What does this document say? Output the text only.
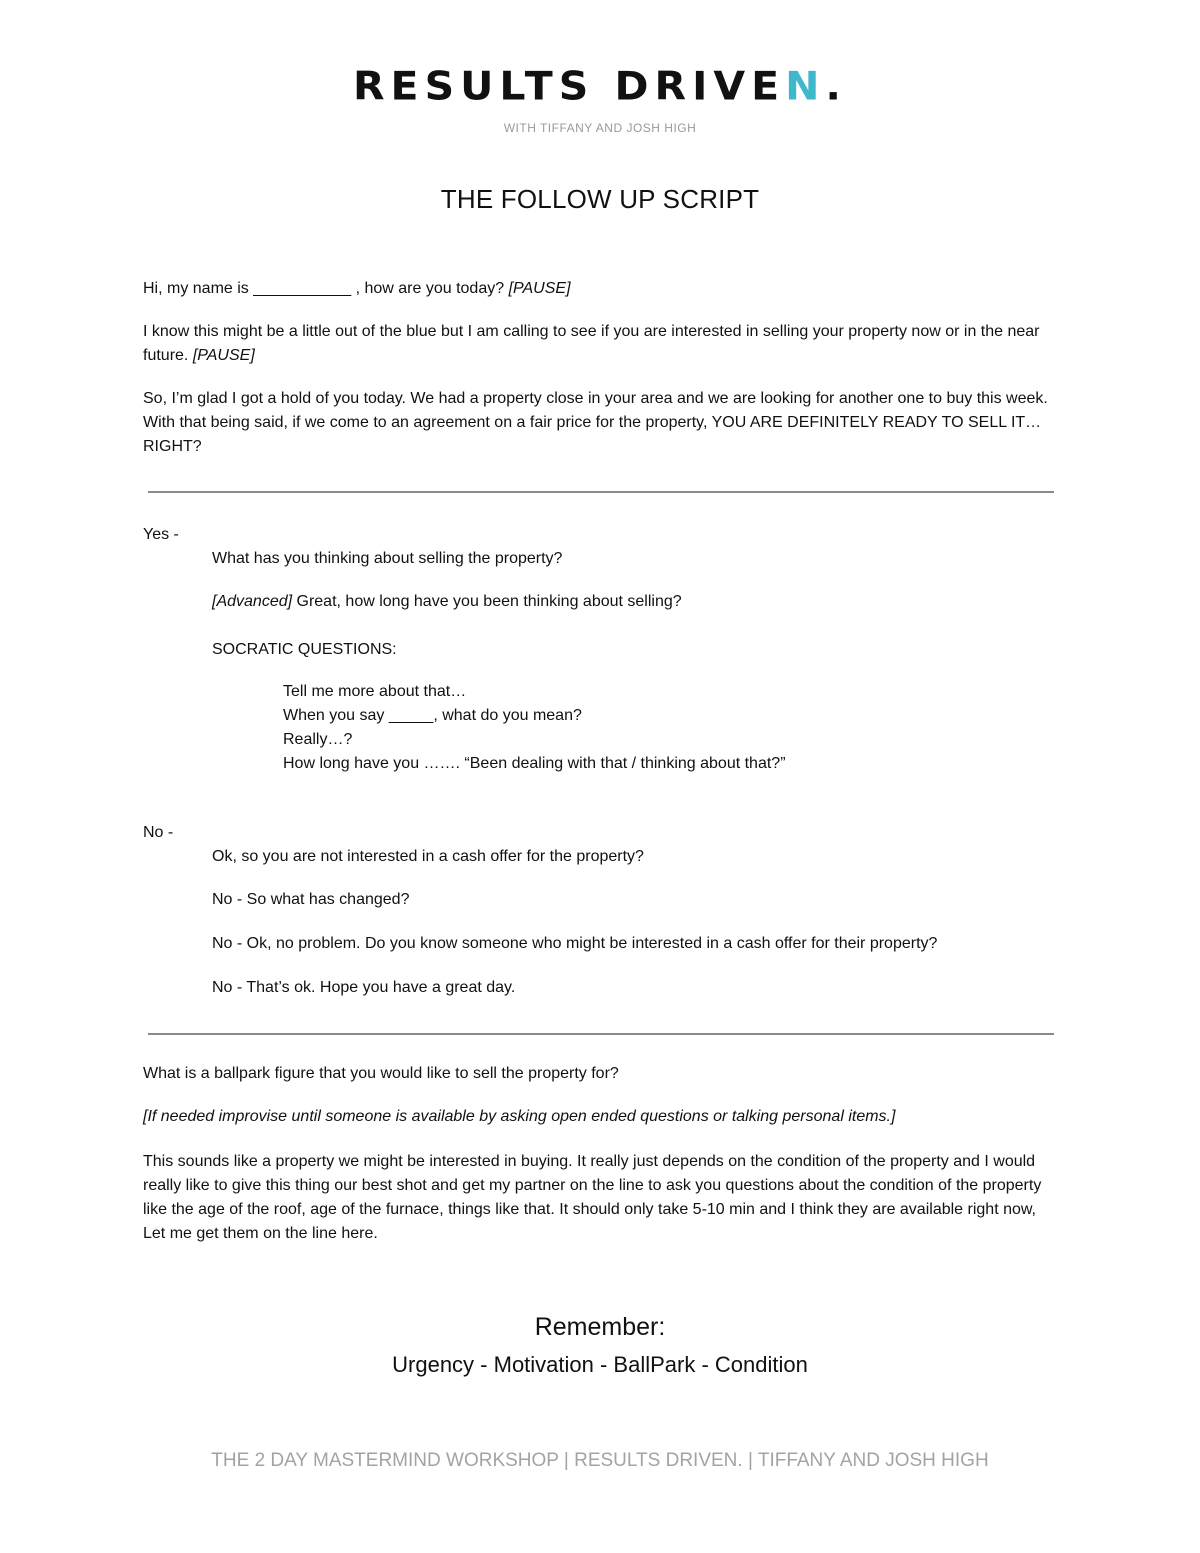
RESULTS DRIVEN.
WITH TIFFANY AND JOSH HIGH
THE FOLLOW UP SCRIPT
Hi, my name is ___________ , how are you today? [PAUSE]
I know this might be a little out of the blue but I am calling to see if you are interested in selling your property now or in the near future. [PAUSE]
So, I’m glad I got a hold of you today. We had a property close in your area and we are looking for another one to buy this week. With that being said, if we come to an agreement on a fair price for the property, YOU ARE DEFINITELY READY TO SELL IT… RIGHT?
Yes -
What has you thinking about selling the property?
[Advanced] Great, how long have you been thinking about selling?
SOCRATIC QUESTIONS:
Tell me more about that…
When you say _____, what do you mean?
Really…?
How long have you ……. “Been dealing with that / thinking about that?”
No -
Ok, so you are not interested in a cash offer for the property?
No - So what has changed?
No - Ok, no problem. Do you know someone who might be interested in a cash offer for their property?
No - That’s ok. Hope you have a great day.
What is a ballpark figure that you would like to sell the property for?
[If needed improvise until someone is available by asking open ended questions or talking personal items.]
This sounds like a property we might be interested in buying. It really just depends on the condition of the property and I would really like to give this thing our best shot and get my partner on the line to ask you questions about the condition of the property like the age of the roof, age of the furnace, things like that. It should only take 5-10 min and I think they are available right now, Let me get them on the line here.
Remember:
Urgency - Motivation - BallPark - Condition
THE 2 DAY MASTERMIND WORKSHOP | RESULTS DRIVEN. | TIFFANY AND JOSH HIGH
